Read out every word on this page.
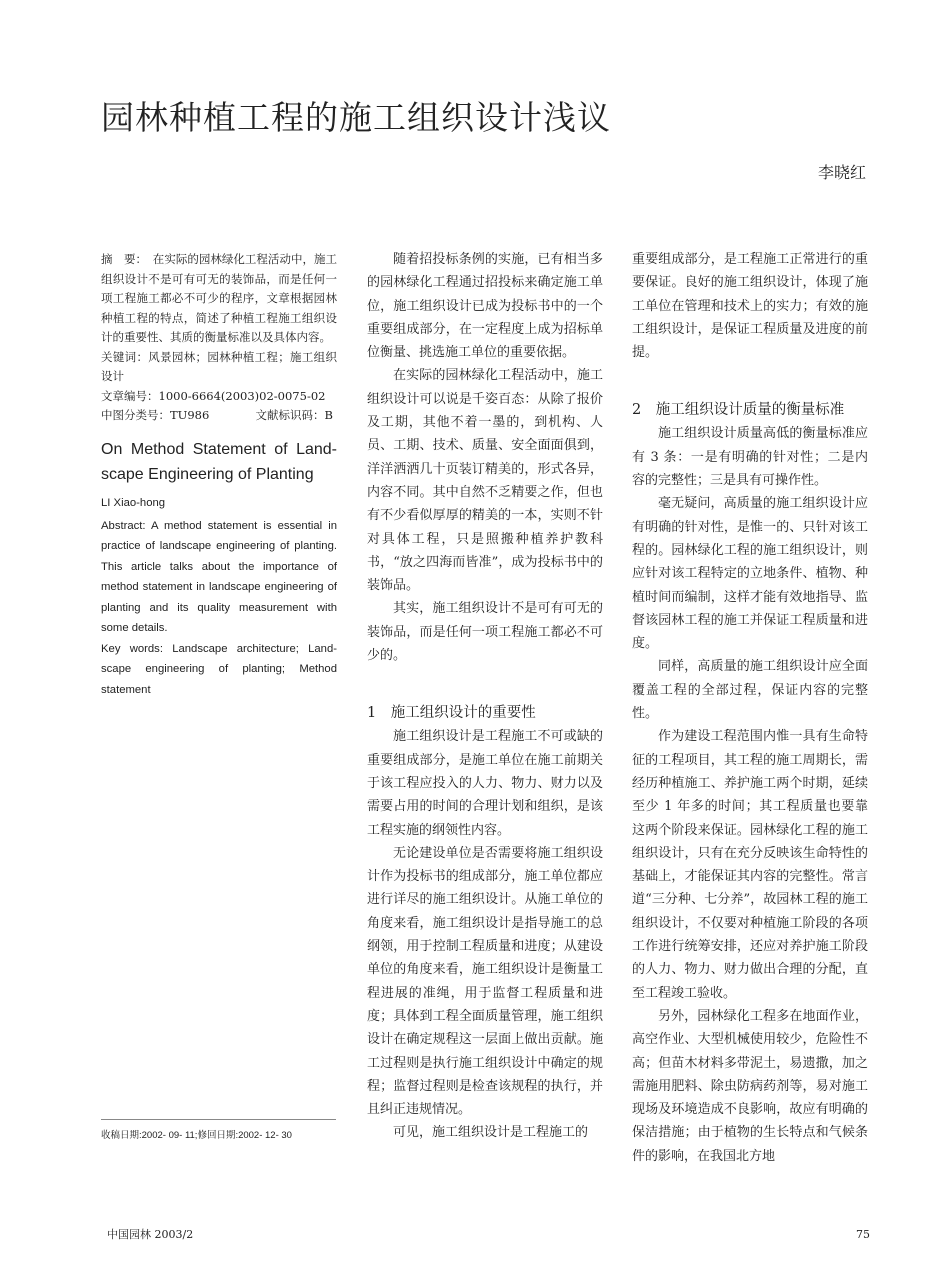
园林种植工程的施工组织设计浅议
李晓红

摘　要：　在实际的园林绿化工程活动中，施工组织设计不是可有可无的装饰品，而是任何一项工程施工都必不可少的程序，文章根据园林种植工程的特点，简述了种植工程施工组织设计的重要性、其质的衡量标准以及具体内容。

关键词：风景园林；园林种植工程；施工组织设计

文章编号：1000-6664(2003)02-0075-02

中图分类号：TU986	文献标识码：B
On Method Statement of Land-scape Engineering of Planting
LI Xiao-hong
Abstract: A method statement is essential in practice of landscape engineering of planting. This article talks about the importance of method statement in landscape engineering of planting and its quality measurement with some details.
Key words: Landscape architecture; Land-scape engineering of planting; Method statement
收稿日期:2002- 09- 11;修回日期:2002- 12- 30

随着招投标条例的实施，已有相当多的园林绿化工程通过招投标来确定施工单位，施工组织设计已成为投标书中的一个重要组成部分，在一定程度上成为招标单位衡量、挑选施工单位的重要依据。

在实际的园林绿化工程活动中，施工组织设计可以说是千姿百态：从除了报价及工期，其他不着一墨的，到机构、人员、工期、技术、质量、安全面面俱到，洋洋洒洒几十页装订精美的，形式各异，内容不同。其中自然不乏精要之作，但也有不少看似厚厚的精美的一本，实则不针对具体工程，只是照搬种植养护教科书，“放之四海而皆准”，成为投标书中的装饰品。

其实，施工组织设计不是可有可无的装饰品，而是任何一项工程施工都必不可少的。

1　施工组织设计的重要性

施工组织设计是工程施工不可或缺的重要组成部分，是施工单位在施工前期关于该工程应投入的人力、物力、财力以及需要占用的时间的合理计划和组织，是该工程实施的纲领性内容。

无论建设单位是否需要将施工组织设计作为投标书的组成部分，施工单位都应进行详尽的施工组织设计。从施工单位的角度来看，施工组织设计是指导施工的总纲领，用于控制工程质量和进度；从建设单位的角度来看，施工组织设计是衡量工程进展的准绳，用于监督工程质量和进度；具体到工程全面质量管理，施工组织设计在确定规程这一层面上做出贡献。施工过程则是执行施工组织设计中确定的规程；监督过程则是检查该规程的执行，并且纠正违规情况。

可见，施工组织设计是工程施工的

重要组成部分，是工程施工正常进行的重要保证。良好的施工组织设计，体现了施工单位在管理和技术上的实力；有效的施工组织设计，是保证工程质量及进度的前提。

2　施工组织设计质量的衡量标准

施工组织设计质量高低的衡量标准应有 3 条：一是有明确的针对性；二是内容的完整性；三是具有可操作性。

毫无疑问，高质量的施工组织设计应有明确的针对性，是惟一的、只针对该工程的。园林绿化工程的施工组织设计，则应针对该工程特定的立地条件、植物、种植时间而编制，这样才能有效地指导、监督该园林工程的施工并保证工程质量和进度。

同样，高质量的施工组织设计应全面覆盖工程的全部过程，保证内容的完整性。

作为建设工程范围内惟一具有生命特征的工程项目，其工程的施工周期长，需经历种植施工、养护施工两个时期，延续至少 1 年多的时间；其工程质量也要靠这两个阶段来保证。园林绿化工程的施工组织设计，只有在充分反映该生命特性的基础上，才能保证其内容的完整性。常言道“三分种、七分养”，故园林工程的施工组织设计，不仅要对种植施工阶段的各项工作进行统筹安排，还应对养护施工阶段的人力、物力、财力做出合理的分配，直至工程竣工验收。

另外，园林绿化工程多在地面作业，高空作业、大型机械使用较少，危险性不高；但苗木材料多带泥土，易遗撒，加之需施用肥料、除虫防病药剂等，易对施工现场及环境造成不良影响，故应有明确的保洁措施；由于植物的生长特点和气候条件的影响，在我国北方地

中国园林 2003/2	75
